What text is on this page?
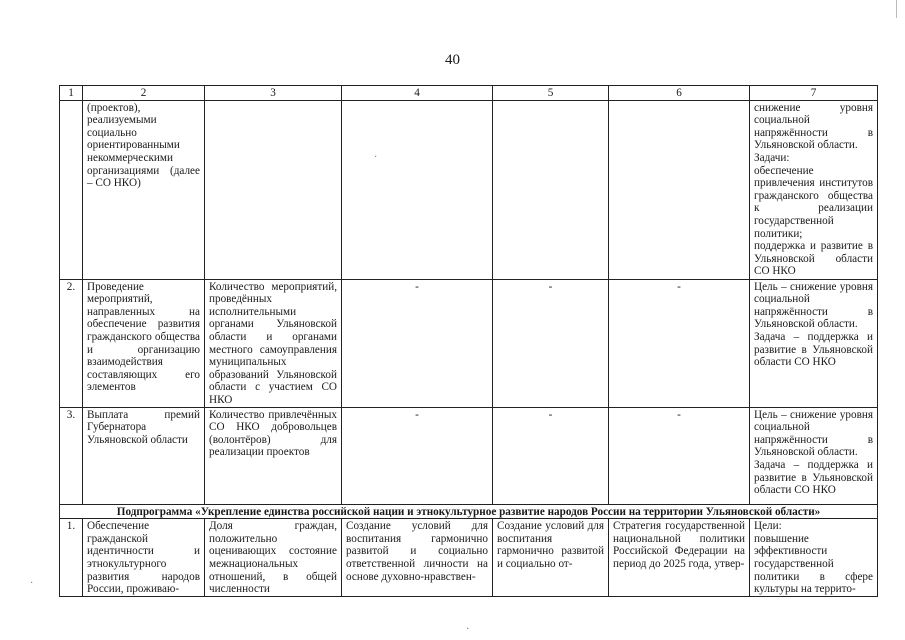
40
1	2	3	4	5	6	7
	(проектов), реализуемыми социально ориентированными некоммерческими организациями (далее – СО НКО)					снижение уровня социальной напряжённости в Ульяновской области.
Задачи:
обеспечение привлечения институтов гражданского общества к реализации государственной политики;
поддержка и развитие в Ульяновской области СО НКО
2.	Проведение мероприятий, направленных на обеспечение развития гражданского общества и организацию взаимодействия составляющих его элементов	Количество мероприятий, проведённых исполнительными органами Ульяновской области и органами местного самоуправления муниципальных образований Ульяновской области с участием СО НКО	-	-	-	Цель – снижение уровня социальной напряжённости в Ульяновской области.
Задача – поддержка и развитие в Ульяновской области СО НКО
3.	Выплата премий Губернатора Ульяновской области	Количество привлечённых СО НКО добровольцев (волонтёров) для реализации проектов	-	-	-	Цель – снижение уровня социальной напряжённости в Ульяновской области.
Задача – поддержка и развитие в Ульяновской области СО НКО
Подпрограмма «Укрепление единства российской нации и этнокультурное развитие народов России на территории Ульяновской области»						
1.	Обеспечение гражданской идентичности и этнокультурного развития народов России, проживаю-	Доля граждан, положительно оценивающих состояние межнациональных отношений, в общей численности	Создание условий для воспитания гармонично развитой и социально ответственной личности на основе духовно-нравствен-	Создание условий для воспитания гармонично развитой и социально от-	Стратегия государственной национальной политики Российской Федерации на период до 2025 года, утвер-	Цели:
повышение эффективности государственной политики в сфере культуры на террито-
·
·
·
